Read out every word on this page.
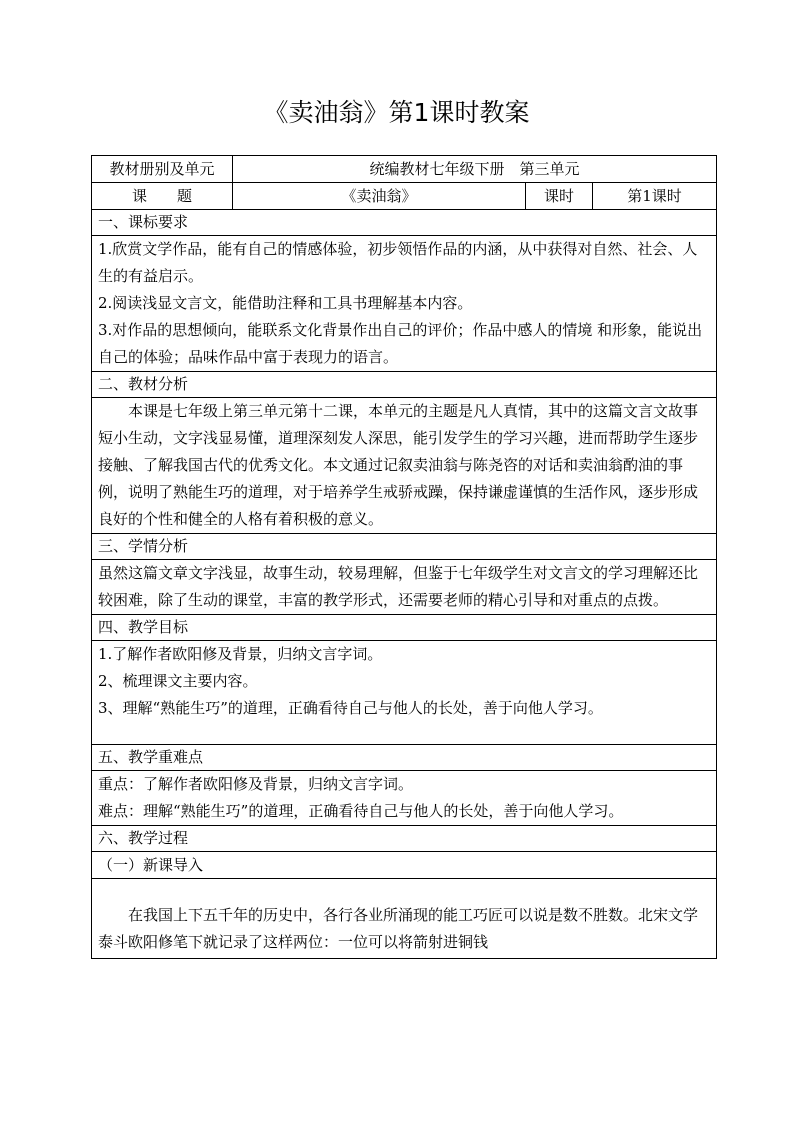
《卖油翁》第1课时教案
教材册别及单元	统编教材七年级下册　第三单元		
课　　题	《卖油翁》	课时	第1课时
一、课标要求			

1.欣赏文学作品，能有自己的情感体验，初步领悟作品的内涵，从中获得对自然、社会、人生的有益启示。

2.阅读浅显文言文，能借助注释和工具书理解基本内容。

3.对作品的思想倾向，能联系文化背景作出自己的评价；作品中感人的情境 和形象，能说出自己的体验；品味作品中富于表现力的语言。			

二、教材分析			

本课是七年级上第三单元第十二课，本单元的主题是凡人真情，其中的这篇文言文故事短小生动，文字浅显易懂，道理深刻发人深思，能引发学生的学习兴趣，进而帮助学生逐步接触、了解我国古代的优秀文化。本文通过记叙卖油翁与陈尧咨的对话和卖油翁酌油的事例，说明了熟能生巧的道理，对于培养学生戒骄戒躁，保持谦虚谨慎的生活作风，逐步形成良好的个性和健全的人格有着积极的意义。			

三、学情分析			

虽然这篇文章文字浅显，故事生动，较易理解，但鉴于七年级学生对文言文的学习理解还比较困难，除了生动的课堂，丰富的教学形式，还需要老师的精心引导和对重点的点拨。			

四、教学目标			

1.了解作者欧阳修及背景，归纳文言字词。

2、梳理课文主要内容。

3、理解“熟能生巧”的道理，正确看待自己与他人的长处，善于向他人学习。			

五、教学重难点			

重点：了解作者欧阳修及背景，归纳文言字词。

难点：理解“熟能生巧”的道理，正确看待自己与他人的长处，善于向他人学习。			

六、教学过程			
（一）新课导入			

在我国上下五千年的历史中，各行各业所涌现的能工巧匠可以说是数不胜数。北宋文学泰斗欧阳修笔下就记录了这样两位：一位可以将箭射进铜钱			
